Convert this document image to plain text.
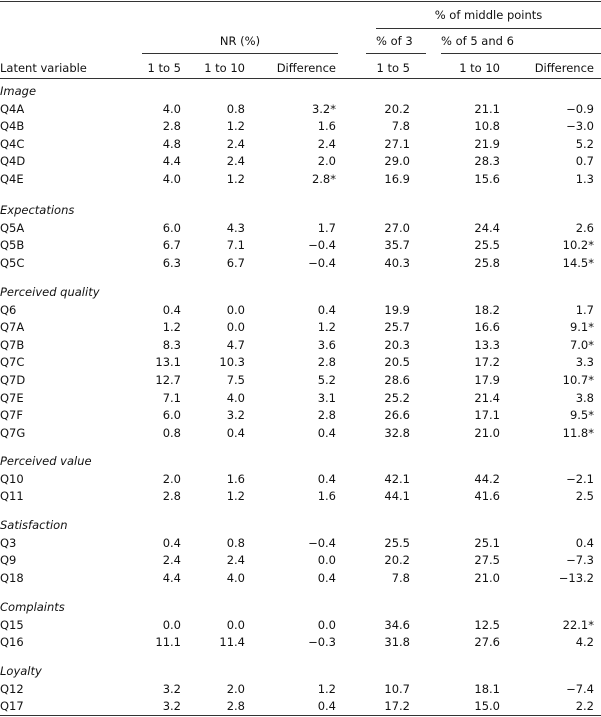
% of middle points
NR (%)	% of 3 % of 5 and 6
Latent variable	1 to 5	1 to 10	Difference	1 to 5	1 to 10	Difference
Image
Q4A	4.0	0.8	3.2*	20.2	21.1	−0.9
Q4B	2.8	1.2	1.6	7.8	10.8	−3.0
Q4C	4.8	2.4	2.4	27.1	21.9	5.2
Q4D	4.4	2.4	2.0	29.0	28.3	0.7
Q4E	4.0	1.2	2.8*	16.9	15.6	1.3
Expectations
Q5A	6.0	4.3	1.7	27.0	24.4	2.6
Q5B	6.7	7.1	−0.4	35.7	25.5	10.2*
Q5C	6.3	6.7	−0.4	40.3	25.8	14.5*
Perceived quality
Q6	0.4	0.0	0.4	19.9	18.2	1.7
Q7A	1.2	0.0	1.2	25.7	16.6	9.1*
Q7B	8.3	4.7	3.6	20.3	13.3	7.0*
Q7C	13.1	10.3	2.8	20.5	17.2	3.3
Q7D	12.7	7.5	5.2	28.6	17.9	10.7*
Q7E	7.1	4.0	3.1	25.2	21.4	3.8
Q7F	6.0	3.2	2.8	26.6	17.1	9.5*
Q7G	0.8	0.4	0.4	32.8	21.0	11.8*
Perceived value
Q10	2.0	1.6	0.4	42.1	44.2	−2.1
Q11	2.8	1.2	1.6	44.1	41.6	2.5
Satisfaction
Q3	0.4	0.8	−0.4	25.5	25.1	0.4
Q9	2.4	2.4	0.0	20.2	27.5	−7.3
Q18	4.4	4.0	0.4	7.8	21.0	−13.2
Complaints
Q15	0.0	0.0	0.0	34.6	12.5	22.1*
Q16	11.1	11.4	−0.3	31.8	27.6	4.2
Loyalty
Q12	3.2	2.0	1.2	10.7	18.1	−7.4
Q17	3.2	2.8	0.4	17.2	15.0	2.2
